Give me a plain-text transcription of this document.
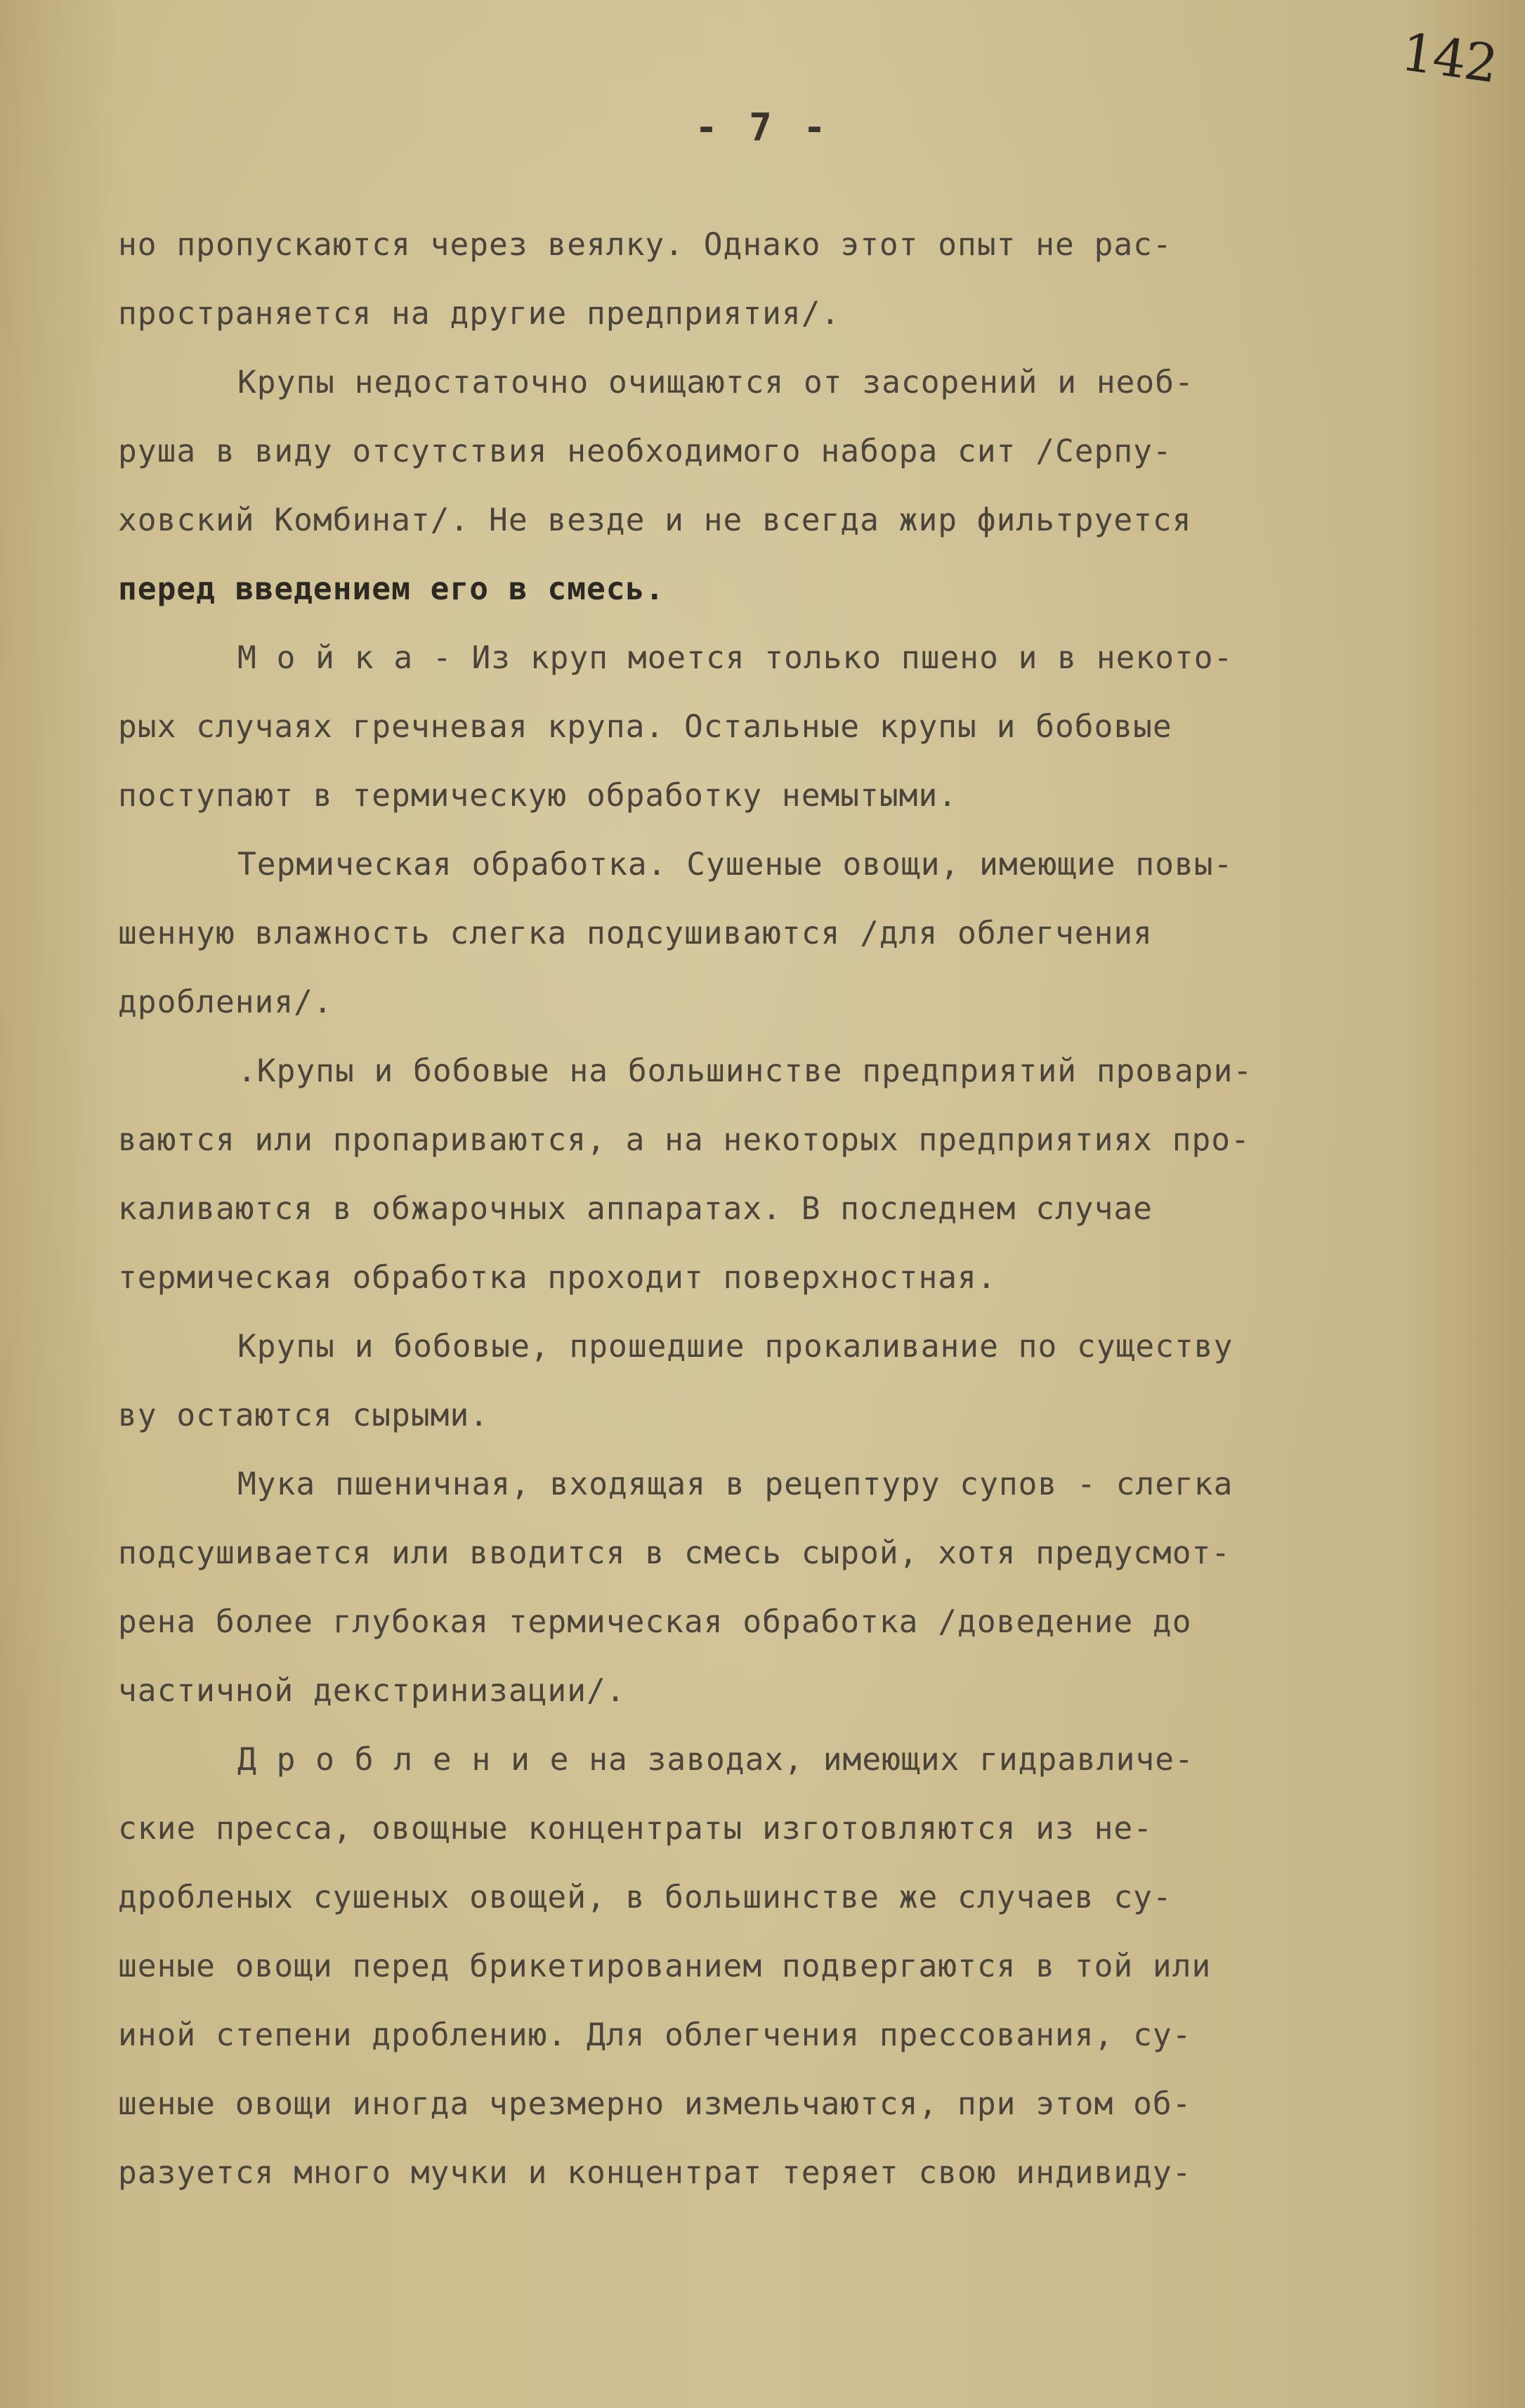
142
- 7 -
но пропускаются через веялку. Однако этот опыт не рас-
пространяется на другие предприятия/.
Крупы недостаточно очищаются от засорений и необ-
руша в виду отсутствия необходимого набора сит /Серпу-
ховский Комбинат/. Не везде и не всегда жир фильтруется
перед введением его в смесь.
М о й к а - Из круп моется только пшено и в некото-
рых случаях гречневая крупа. Остальные крупы и бобовые
поступают в термическую обработку немытыми.
Термическая обработка. Сушеные овощи, имеющие повы-
шенную влажность слегка подсушиваются /для облегчения
дробления/.
.Крупы и бобовые на большинстве предприятий провари-
ваются или пропариваются, а на некоторых предприятиях про-
каливаются в обжарочных аппаратах. В последнем случае
термическая обработка проходит поверхностная.
Крупы и бобовые, прошедшие прокаливание по существу
ву остаются сырыми.
Мука пшеничная, входящая в рецептуру супов - слегка
подсушивается или вводится в смесь сырой, хотя предусмот-
рена более глубокая термическая обработка /доведение до
частичной декстринизации/.
Д р о б л е н и е на заводах, имеющих гидравличе-
ские пресса, овощные концентраты изготовляются из не-
дробленых сушеных овощей, в большинстве же случаев су-
шеные овощи перед брикетированием подвергаются в той или
иной степени дроблению. Для облегчения прессования, су-
шеные овощи иногда чрезмерно измельчаются, при этом об-
разуется много мучки и концентрат теряет свою индивиду-
